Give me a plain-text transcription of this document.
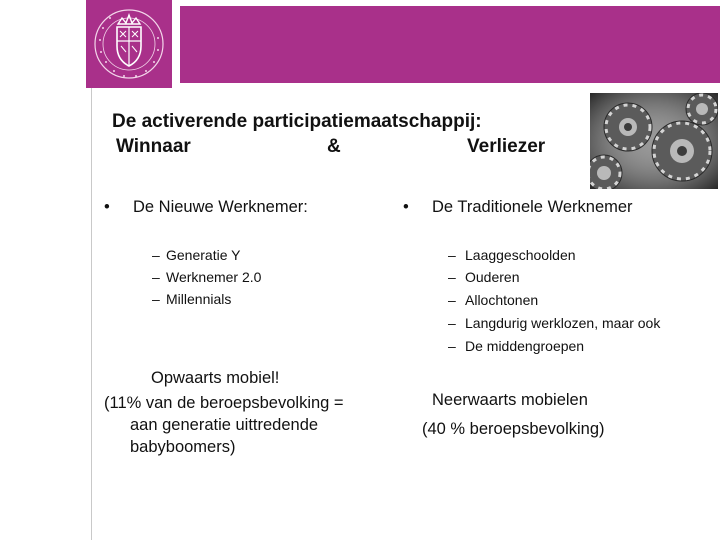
De activerende participatiemaatschappij:
Winnaar	&	Verliezer
• De Nieuwe Werknemer:
– Generatie Y
– Werknemer 2.0
– Millennials
Opwaarts mobiel!
(11% van de beroepsbevolking =
aan generatie uittredende
babyboomers)
• De Traditionele Werknemer
– Laaggeschoolden
– Ouderen
– Allochtonen
– Langdurig werklozen, maar ook
– De middengroepen
Neerwaarts mobielen
(40 % beroepsbevolking)
